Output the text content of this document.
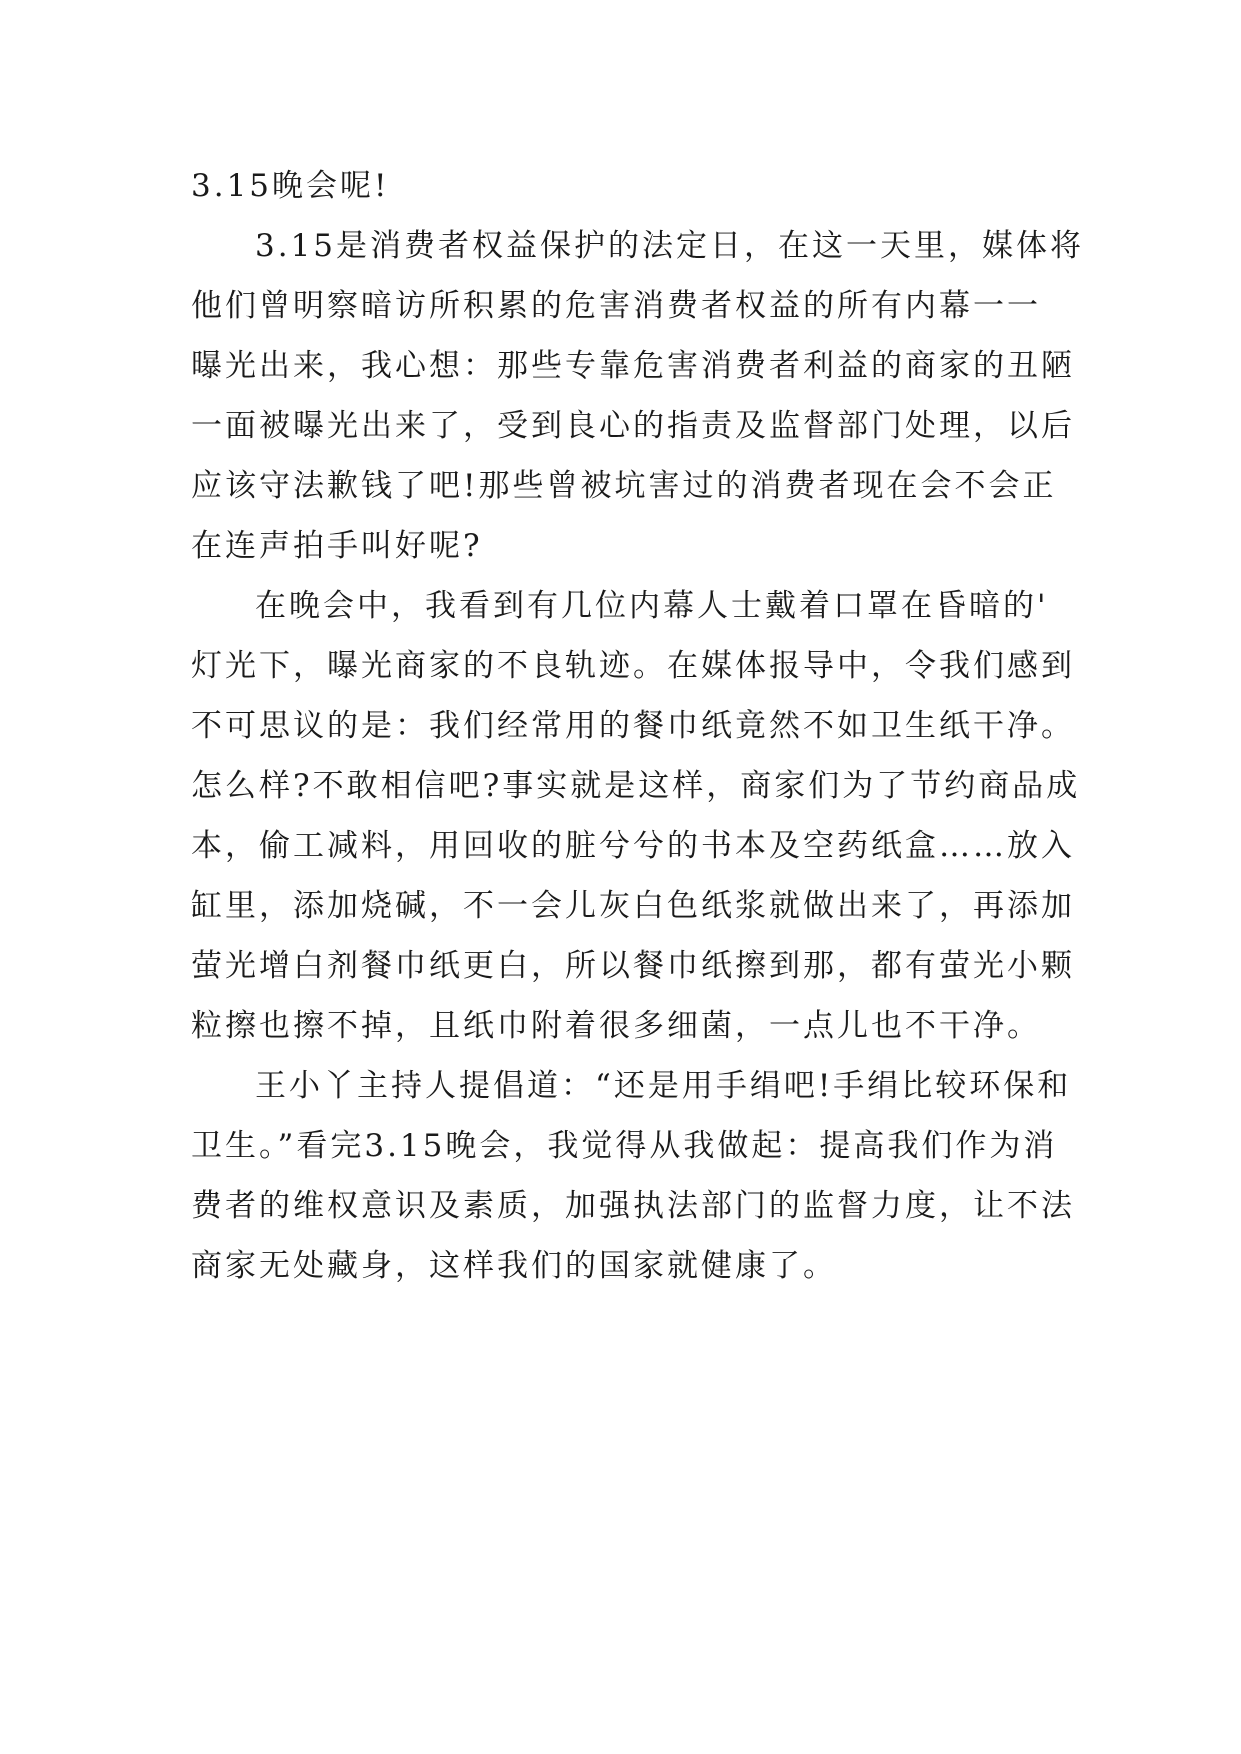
3.15晚会呢!
3.15是消费者权益保护的法定日，在这一天里，媒体将
他们曾明察暗访所积累的危害消费者权益的所有内幕一一
曝光出来，我心想：那些专靠危害消费者利益的商家的丑陋
一面被曝光出来了，受到良心的指责及监督部门处理，以后
应该守法歉钱了吧!那些曾被坑害过的消费者现在会不会正
在连声拍手叫好呢?
在晚会中，我看到有几位内幕人士戴着口罩在昏暗的'
灯光下，曝光商家的不良轨迹。在媒体报导中，令我们感到
不可思议的是：我们经常用的餐巾纸竟然不如卫生纸干净。
怎么样?不敢相信吧?事实就是这样，商家们为了节约商品成
本，偷工减料，用回收的脏兮兮的书本及空药纸盒……放入
缸里，添加烧碱，不一会儿灰白色纸浆就做出来了，再添加
萤光增白剂餐巾纸更白，所以餐巾纸擦到那，都有萤光小颗
粒擦也擦不掉，且纸巾附着很多细菌，一点儿也不干净。
王小丫主持人提倡道：“还是用手绢吧!手绢比较环保和
卫生。”看完3.15晚会，我觉得从我做起：提高我们作为消
费者的维权意识及素质，加强执法部门的监督力度，让不法
商家无处藏身，这样我们的国家就健康了。
